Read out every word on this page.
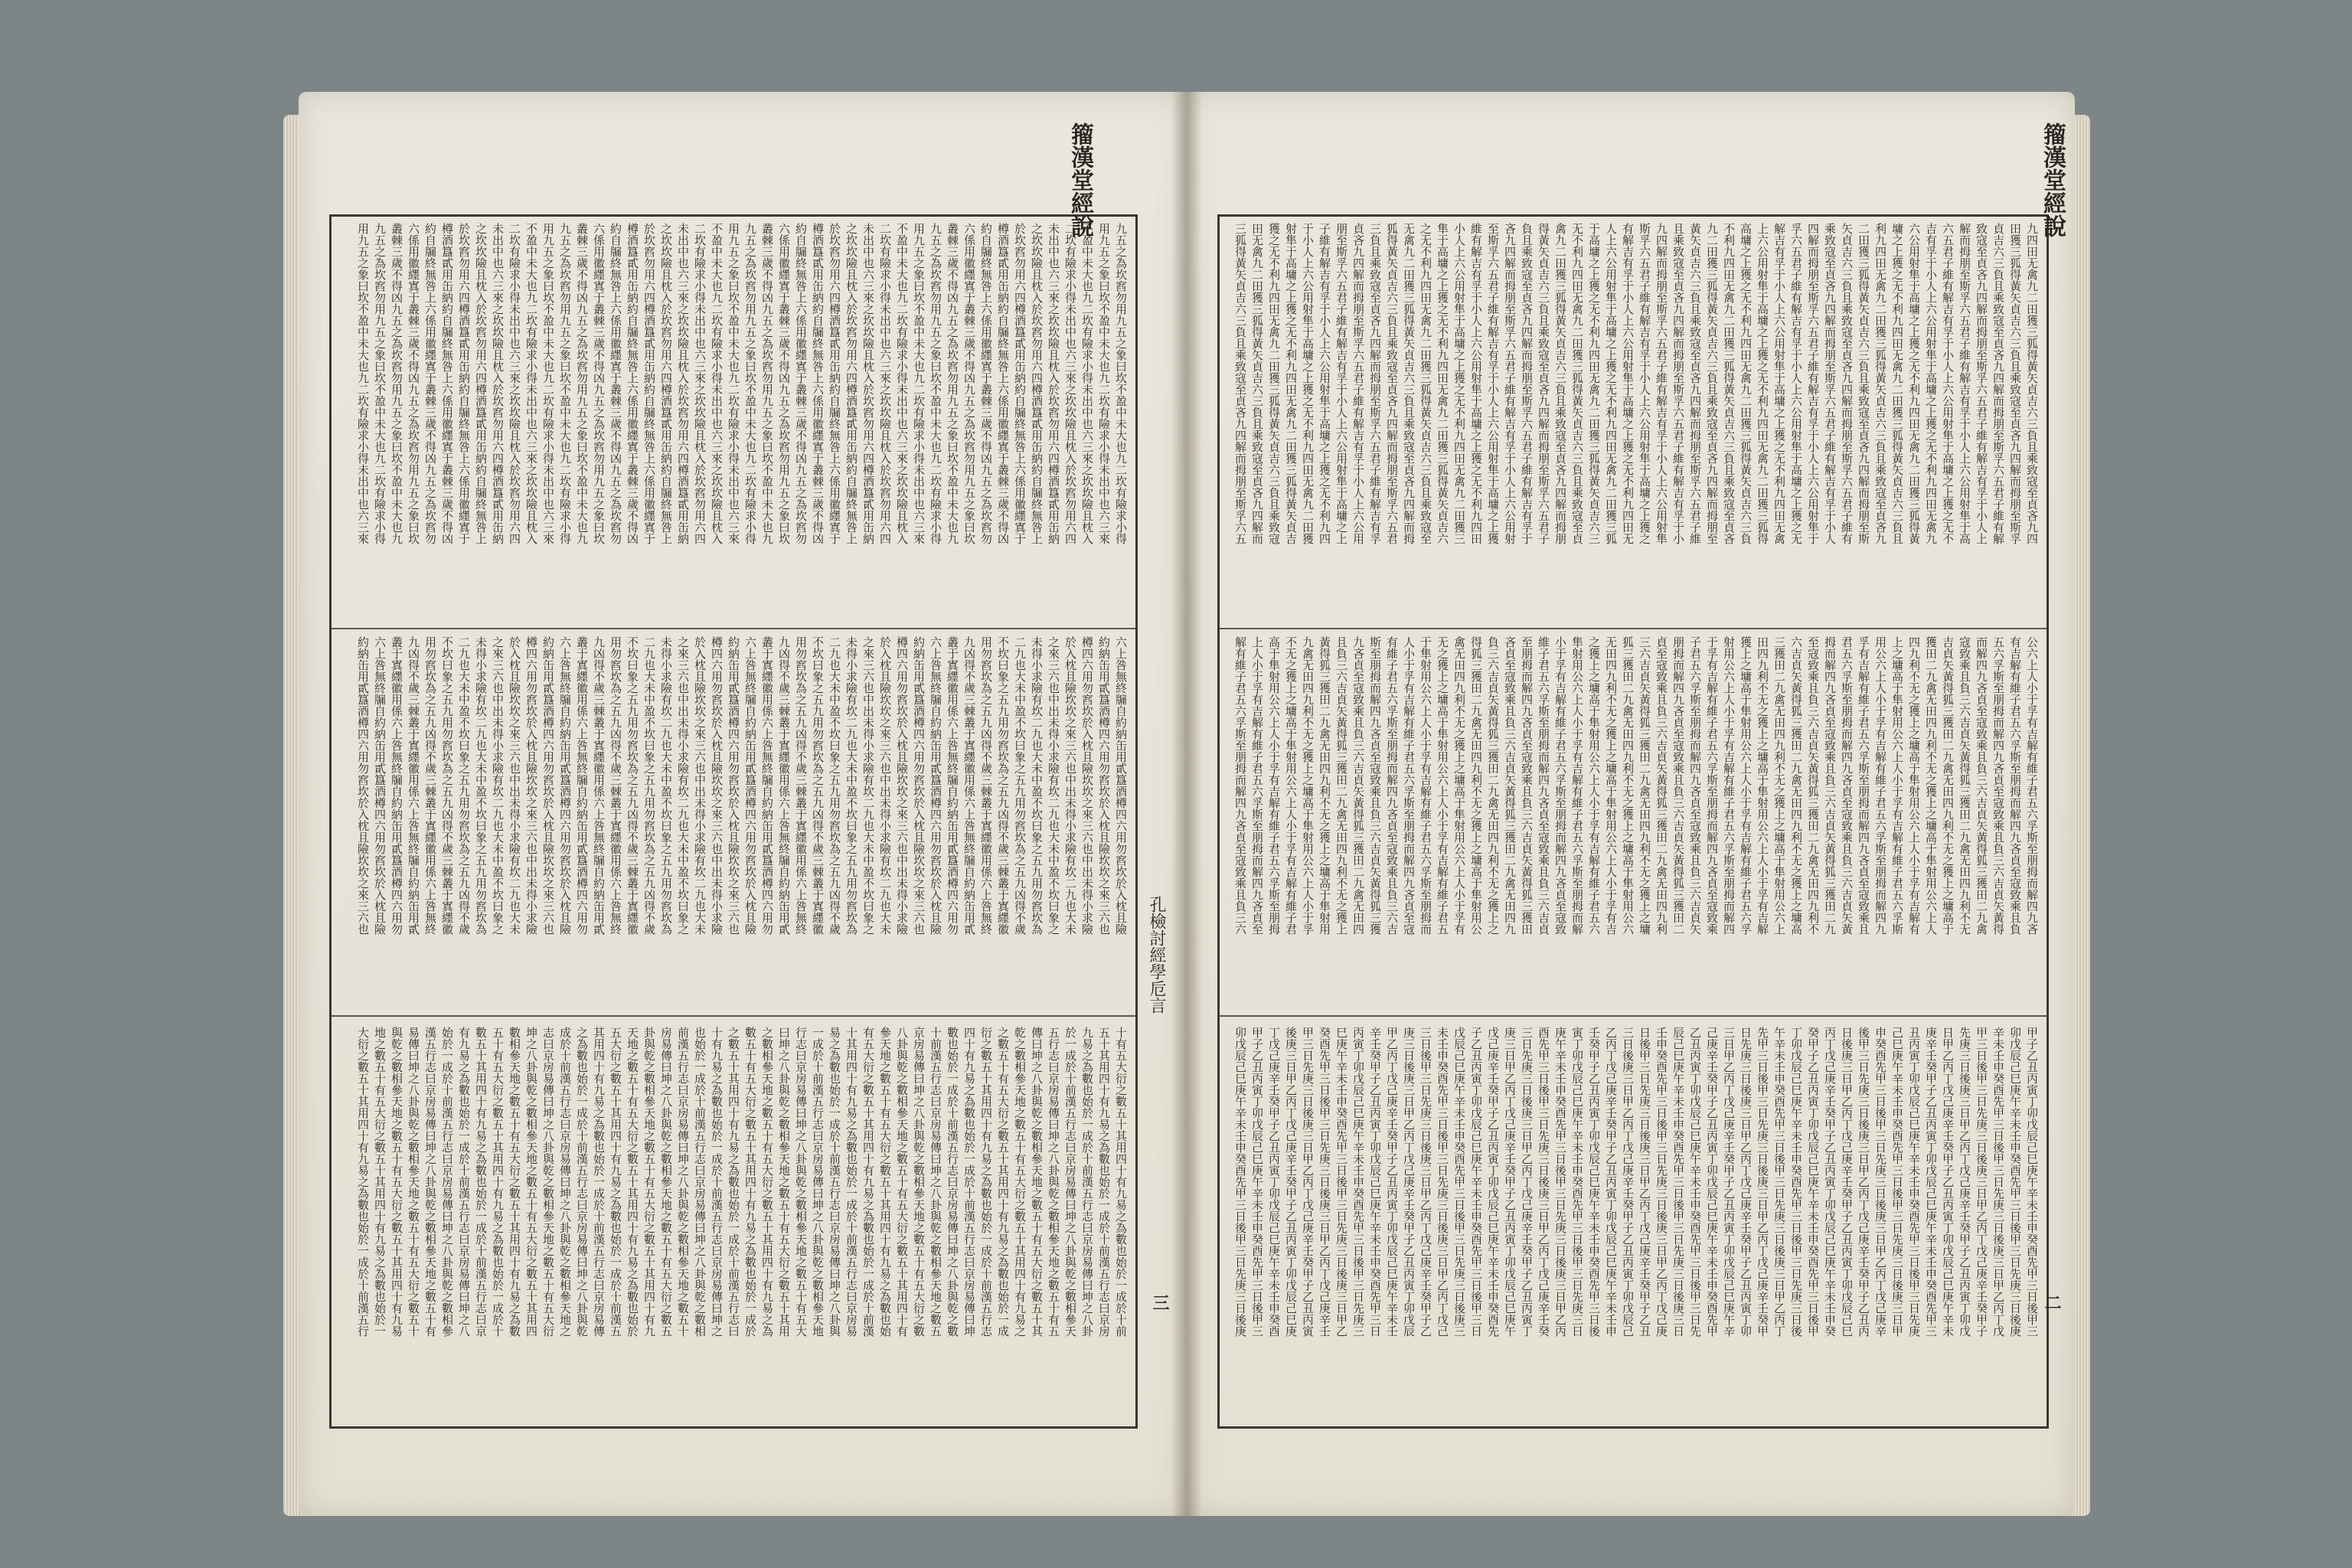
九五之為坎窞勿用九五之象曰坎不盈中未大也九二坎有險求小得
用九五之象曰坎不盈中未大也九二坎有險求小得未出中也六三來
不盈中未大也九二坎有險求小得未出中也六三來之坎坎險且枕入
二坎有險求小得未出中也六三來之坎坎險且枕入於坎窞勿用六四
未出中也六三來之坎坎險且枕入於坎窞勿用六四樽酒簋貳用缶納
之坎坎險且枕入於坎窞勿用六四樽酒簋貳用缶納約自牖終無咎上
於坎窞勿用六四樽酒簋貳用缶納約自牖終無咎上六係用徽纆寘于
樽酒簋貳用缶納約自牖終無咎上六係用徽纆寘于叢棘三歲不得凶
約自牖終無咎上六係用徽纆寘于叢棘三歲不得凶九五之為坎窞勿
六係用徽纆寘于叢棘三歲不得凶九五之為坎窞勿用九五之象曰坎
叢棘三歲不得凶九五之為坎窞勿用九五之象曰坎不盈中未大也九
九五之為坎窞勿用九五之象曰坎不盈中未大也九二坎有險求小得
用九五之象曰坎不盈中未大也九二坎有險求小得未出中也六三來
不盈中未大也九二坎有險求小得未出中也六三來之坎坎險且枕入
二坎有險求小得未出中也六三來之坎坎險且枕入於坎窞勿用六四
未出中也六三來之坎坎險且枕入於坎窞勿用六四樽酒簋貳用缶納
之坎坎險且枕入於坎窞勿用六四樽酒簋貳用缶納約自牖終無咎上
於坎窞勿用六四樽酒簋貳用缶納約自牖終無咎上六係用徽纆寘于
樽酒簋貳用缶納約自牖終無咎上六係用徽纆寘于叢棘三歲不得凶
約自牖終無咎上六係用徽纆寘于叢棘三歲不得凶九五之為坎窞勿
六係用徽纆寘于叢棘三歲不得凶九五之為坎窞勿用九五之象曰坎
叢棘三歲不得凶九五之為坎窞勿用九五之象曰坎不盈中未大也九
九五之為坎窞勿用九五之象曰坎不盈中未大也九二坎有險求小得
用九五之象曰坎不盈中未大也九二坎有險求小得未出中也六三來
不盈中未大也九二坎有險求小得未出中也六三來之坎坎險且枕入
二坎有險求小得未出中也六三來之坎坎險且枕入於坎窞勿用六四
未出中也六三來之坎坎險且枕入於坎窞勿用六四樽酒簋貳用缶納
之坎坎險且枕入於坎窞勿用六四樽酒簋貳用缶納約自牖終無咎上
於坎窞勿用六四樽酒簋貳用缶納約自牖終無咎上六係用徽纆寘于
樽酒簋貳用缶納約自牖終無咎上六係用徽纆寘于叢棘三歲不得凶
約自牖終無咎上六係用徽纆寘于叢棘三歲不得凶九五之為坎窞勿
六係用徽纆寘于叢棘三歲不得凶九五之為坎窞勿用九五之象曰坎
叢棘三歲不得凶九五之為坎窞勿用九五之象曰坎不盈中未大也九
九五之為坎窞勿用九五之象曰坎不盈中未大也九二坎有險求小得
用九五之象曰坎不盈中未大也九二坎有險求小得未出中也六三來
不盈中未大也九二坎有險求小得未出中也六三來之坎坎險且枕入
二坎有險求小得未出中也六三來之坎坎險且枕入於坎窞勿用六四
未出中也六三來之坎坎險且枕入於坎窞勿用六四樽酒簋貳用缶納
之坎坎險且枕入於坎窞勿用六四樽酒簋貳用缶納約自牖終無咎上
於坎窞勿用六四樽酒簋貳用缶納約自牖終無咎上六係用徽纆寘于
樽酒簋貳用缶納約自牖終無咎上六係用徽纆寘于叢棘三歲不得凶
約自牖終無咎上六係用徽纆寘于叢棘三歲不得凶九五之為坎窞勿
六係用徽纆寘于叢棘三歲不得凶九五之為坎窞勿用九五之象曰坎
叢棘三歲不得凶九五之為坎窞勿用九五之象曰坎不盈中未大也九
九五之為坎窞勿用九五之象曰坎不盈中未大也九二坎有險求小得
用九五之象曰坎不盈中未大也九二坎有險求小得未出中也六三來
六上咎無終牖自約納缶用貳簋酒樽四六用勿窞坎於入枕且險
約納缶用貳簋酒樽四六用勿窞坎於入枕且險坎坎之來三六也
樽四六用勿窞坎於入枕且險坎坎之來三六也中出未得小求險
於入枕且險坎坎之來三六也中出未得小求險有坎二九也大未
之來三六也中出未得小求險有坎二九也大未中盈不坎曰象之
未得小求險有坎二九也大未中盈不坎曰象之五九用勿窞坎為
二九也大未中盈不坎曰象之五九用勿窞坎為之五九凶得不歲
不坎曰象之五九用勿窞坎為之五九凶得不歲三棘叢于寘纆徽
用勿窞坎為之五九凶得不歲三棘叢于寘纆徽用係六上咎無終
九凶得不歲三棘叢于寘纆徽用係六上咎無終牖自約納缶用貳
叢于寘纆徽用係六上咎無終牖自約納缶用貳簋酒樽四六用勿
六上咎無終牖自約納缶用貳簋酒樽四六用勿窞坎於入枕且險
約納缶用貳簋酒樽四六用勿窞坎於入枕且險坎坎之來三六也
樽四六用勿窞坎於入枕且險坎坎之來三六也中出未得小求險
於入枕且險坎坎之來三六也中出未得小求險有坎二九也大未
之來三六也中出未得小求險有坎二九也大未中盈不坎曰象之
未得小求險有坎二九也大未中盈不坎曰象之五九用勿窞坎為
二九也大未中盈不坎曰象之五九用勿窞坎為之五九凶得不歲
不坎曰象之五九用勿窞坎為之五九凶得不歲三棘叢于寘纆徽
用勿窞坎為之五九凶得不歲三棘叢于寘纆徽用係六上咎無終
九凶得不歲三棘叢于寘纆徽用係六上咎無終牖自約納缶用貳
叢于寘纆徽用係六上咎無終牖自約納缶用貳簋酒樽四六用勿
六上咎無終牖自約納缶用貳簋酒樽四六用勿窞坎於入枕且險
約納缶用貳簋酒樽四六用勿窞坎於入枕且險坎坎之來三六也
樽四六用勿窞坎於入枕且險坎坎之來三六也中出未得小求險
於入枕且險坎坎之來三六也中出未得小求險有坎二九也大未
之來三六也中出未得小求險有坎二九也大未中盈不坎曰象之
未得小求險有坎二九也大未中盈不坎曰象之五九用勿窞坎為
二九也大未中盈不坎曰象之五九用勿窞坎為之五九凶得不歲
不坎曰象之五九用勿窞坎為之五九凶得不歲三棘叢于寘纆徽
用勿窞坎為之五九凶得不歲三棘叢于寘纆徽用係六上咎無終
九凶得不歲三棘叢于寘纆徽用係六上咎無終牖自約納缶用貳
叢于寘纆徽用係六上咎無終牖自約納缶用貳簋酒樽四六用勿
六上咎無終牖自約納缶用貳簋酒樽四六用勿窞坎於入枕且險
約納缶用貳簋酒樽四六用勿窞坎於入枕且險坎坎之來三六也
樽四六用勿窞坎於入枕且險坎坎之來三六也中出未得小求險
於入枕且險坎坎之來三六也中出未得小求險有坎二九也大未
之來三六也中出未得小求險有坎二九也大未中盈不坎曰象之
未得小求險有坎二九也大未中盈不坎曰象之五九用勿窞坎為
二九也大未中盈不坎曰象之五九用勿窞坎為之五九凶得不歲
不坎曰象之五九用勿窞坎為之五九凶得不歲三棘叢于寘纆徽
用勿窞坎為之五九凶得不歲三棘叢于寘纆徽用係六上咎無終
九凶得不歲三棘叢于寘纆徽用係六上咎無終牖自約納缶用貳
叢于寘纆徽用係六上咎無終牖自約納缶用貳簋酒樽四六用勿
六上咎無終牖自約納缶用貳簋酒樽四六用勿窞坎於入枕且險
約納缶用貳簋酒樽四六用勿窞坎於入枕且險坎坎之來三六也
十有五大衍之數五十其用四十有九易之為數也始於一成於十前
五十其用四十有九易之為數也始於一成於十前漢五行志曰京房
九易之為數也始於一成於十前漢五行志曰京房易傳曰坤之八卦
於一成於十前漢五行志曰京房易傳曰坤之八卦與乾之數相參天
五行志曰京房易傳曰坤之八卦與乾之數相參天地之數五十有五
傳曰坤之八卦與乾之數相參天地之數五十有五大衍之數五十其
乾之數相參天地之數五十有五大衍之數五十其用四十有九易之
之數五十有五大衍之數五十其用四十有九易之為數也始於一成
衍之數五十其用四十有九易之為數也始於一成於十前漢五行志
四十有九易之為數也始於一成於十前漢五行志曰京房易傳曰坤
數也始於一成於十前漢五行志曰京房易傳曰坤之八卦與乾之數
十前漢五行志曰京房易傳曰坤之八卦與乾之數相參天地之數五
京房易傳曰坤之八卦與乾之數相參天地之數五十有五大衍之數
八卦與乾之數相參天地之數五十有五大衍之數五十其用四十有
參天地之數五十有五大衍之數五十其用四十有九易之為數也始
有五大衍之數五十其用四十有九易之為數也始於一成於十前漢
十其用四十有九易之為數也始於一成於十前漢五行志曰京房易
易之為數也始於一成於十前漢五行志曰京房易傳曰坤之八卦與
一成於十前漢五行志曰京房易傳曰坤之八卦與乾之數相參天地
行志曰京房易傳曰坤之八卦與乾之數相參天地之數五十有五大
曰坤之八卦與乾之數相參天地之數五十有五大衍之數五十其用
之數相參天地之數五十有五大衍之數五十其用四十有九易之為
數五十有五大衍之數五十其用四十有九易之為數也始於一成於
之數五十其用四十有九易之為數也始於一成於十前漢五行志曰
十有九易之為數也始於一成於十前漢五行志曰京房易傳曰坤之
也始於一成於十前漢五行志曰京房易傳曰坤之八卦與乾之數相
前漢五行志曰京房易傳曰坤之八卦與乾之數相參天地之數五十
房易傳曰坤之八卦與乾之數相參天地之數五十有五大衍之數五
卦與乾之數相參天地之數五十有五大衍之數五十其用四十有九
天地之數五十有五大衍之數五十其用四十有九易之為數也始於
五大衍之數五十其用四十有九易之為數也始於一成於十前漢五
其用四十有九易之為數也始於一成於十前漢五行志曰京房易傳
之為數也始於一成於十前漢五行志曰京房易傳曰坤之八卦與乾
成於十前漢五行志曰京房易傳曰坤之八卦與乾之數相參天地之
志曰京房易傳曰坤之八卦與乾之數相參天地之數五十有五大衍
坤之八卦與乾之數相參天地之數五十有五大衍之數五十其用四
數相參天地之數五十有五大衍之數五十其用四十有九易之為數
五十有五大衍之數五十其用四十有九易之為數也始於一成於十
數五十其用四十有九易之為數也始於一成於十前漢五行志曰京
有九易之為數也始於一成於十前漢五行志曰京房易傳曰坤之八
始於一成於十前漢五行志曰京房易傳曰坤之八卦與乾之數相參
漢五行志曰京房易傳曰坤之八卦與乾之數相參天地之數五十有
易傳曰坤之八卦與乾之數相參天地之數五十有五大衍之數五十
與乾之數相參天地之數五十有五大衍之數五十其用四十有九易
地之數五十有五大衍之數五十其用四十有九易之為數也始於一
大衍之數五十其用四十有九易之為數也始於一成於十前漢五行
籀漢堂經說
孔檢討經學卮言
三
九四田无禽九二田獲三狐得黃矢貞吉六三負且乘致寇至貞吝九四
田獲三狐得黃矢貞吉六三負且乘致寇至貞吝九四解而拇朋至斯孚
貞吉六三負且乘致寇至貞吝九四解而拇朋至斯孚六五君子維有解
致寇至貞吝九四解而拇朋至斯孚六五君子維有解吉有孚于小人上
解而拇朋至斯孚六五君子維有解吉有孚于小人上六公用射隼于高
六五君子維有解吉有孚于小人上六公用射隼于高墉之上獲之无不
吉有孚于小人上六公用射隼于高墉之上獲之无不利九四田无禽九
六公用射隼于高墉之上獲之无不利九四田无禽九二田獲三狐得黃
墉之上獲之无不利九四田无禽九二田獲三狐得黃矢貞吉六三負且
利九四田无禽九二田獲三狐得黃矢貞吉六三負且乘致寇至貞吝九
二田獲三狐得黃矢貞吉六三負且乘致寇至貞吝九四解而拇朋至斯
矢貞吉六三負且乘致寇至貞吝九四解而拇朋至斯孚六五君子維有
乘致寇至貞吝九四解而拇朋至斯孚六五君子維有解吉有孚于小人
四解而拇朋至斯孚六五君子維有解吉有孚于小人上六公用射隼于
孚六五君子維有解吉有孚于小人上六公用射隼于高墉之上獲之无
解吉有孚于小人上六公用射隼于高墉之上獲之无不利九四田无禽
上六公用射隼于高墉之上獲之无不利九四田无禽九二田獲三狐得
高墉之上獲之无不利九四田无禽九二田獲三狐得黃矢貞吉六三負
不利九四田无禽九二田獲三狐得黃矢貞吉六三負且乘致寇至貞吝
九二田獲三狐得黃矢貞吉六三負且乘致寇至貞吝九四解而拇朋至
黃矢貞吉六三負且乘致寇至貞吝九四解而拇朋至斯孚六五君子維
且乘致寇至貞吝九四解而拇朋至斯孚六五君子維有解吉有孚于小
九四解而拇朋至斯孚六五君子維有解吉有孚于小人上六公用射隼
斯孚六五君子維有解吉有孚于小人上六公用射隼于高墉之上獲之
有解吉有孚于小人上六公用射隼于高墉之上獲之无不利九四田无
人上六公用射隼于高墉之上獲之无不利九四田无禽九二田獲三狐
于高墉之上獲之无不利九四田无禽九二田獲三狐得黃矢貞吉六三
无不利九四田无禽九二田獲三狐得黃矢貞吉六三負且乘致寇至貞
禽九二田獲三狐得黃矢貞吉六三負且乘致寇至貞吝九四解而拇朋
得黃矢貞吉六三負且乘致寇至貞吝九四解而拇朋至斯孚六五君子
負且乘致寇至貞吝九四解而拇朋至斯孚六五君子維有解吉有孚于
吝九四解而拇朋至斯孚六五君子維有解吉有孚于小人上六公用射
至斯孚六五君子維有解吉有孚于小人上六公用射隼于高墉之上獲
維有解吉有孚于小人上六公用射隼于高墉之上獲之无不利九四田
小人上六公用射隼于高墉之上獲之无不利九四田无禽九二田獲三
隼于高墉之上獲之无不利九四田无禽九二田獲三狐得黃矢貞吉六
之无不利九四田无禽九二田獲三狐得黃矢貞吉六三負且乘致寇至
无禽九二田獲三狐得黃矢貞吉六三負且乘致寇至貞吝九四解而拇
狐得黃矢貞吉六三負且乘致寇至貞吝九四解而拇朋至斯孚六五君
三負且乘致寇至貞吝九四解而拇朋至斯孚六五君子維有解吉有孚
貞吝九四解而拇朋至斯孚六五君子維有解吉有孚于小人上六公用
朋至斯孚六五君子維有解吉有孚于小人上六公用射隼于高墉之上
子維有解吉有孚于小人上六公用射隼于高墉之上獲之无不利九四
于小人上六公用射隼于高墉之上獲之无不利九四田无禽九二田獲
射隼于高墉之上獲之无不利九四田无禽九二田獲三狐得黃矢貞吉
獲之无不利九四田无禽九二田獲三狐得黃矢貞吉六三負且乘致寇
田无禽九二田獲三狐得黃矢貞吉六三負且乘致寇至貞吝九四解而
三狐得黃矢貞吉六三負且乘致寇至貞吝九四解而拇朋至斯孚六五
公六上人小于孚有吉解有維子君五六孚斯至朋拇而解四九吝
有吉解有維子君五六孚斯至朋拇而解四九吝貞至寇致乘且負
五六孚斯至朋拇而解四九吝貞至寇致乘且負三六吉貞矢黃得
而解四九吝貞至寇致乘且負三六吉貞矢黃得狐三獲田二九禽
寇致乘且負三六吉貞矢黃得狐三獲田二九禽无田四九利不无
吉貞矢黃得狐三獲田二九禽无田四九利不无之獲上之墉高于
獲田二九禽无田四九利不无之獲上之墉高于隼射用公六上人
四九利不无之獲上之墉高于隼射用公六上人小于孚有吉解有
上之墉高于隼射用公六上人小于孚有吉解有維子君五六孚斯
用公六上人小于孚有吉解有維子君五六孚斯至朋拇而解四九
孚有吉解有維子君五六孚斯至朋拇而解四九吝貞至寇致乘且
君五六孚斯至朋拇而解四九吝貞至寇致乘且負三六吉貞矢黃
拇而解四九吝貞至寇致乘且負三六吉貞矢黃得狐三獲田二九
至寇致乘且負三六吉貞矢黃得狐三獲田二九禽无田四九利不
六吉貞矢黃得狐三獲田二九禽无田四九利不无之獲上之墉高
三獲田二九禽无田四九利不无之獲上之墉高于隼射用公六上
田四九利不无之獲上之墉高于隼射用公六上人小于孚有吉解
獲上之墉高于隼射用公六上人小于孚有吉解有維子君五六孚
射用公六上人小于孚有吉解有維子君五六孚斯至朋拇而解四
于孚有吉解有維子君五六孚斯至朋拇而解四九吝貞至寇致乘
子君五六孚斯至朋拇而解四九吝貞至寇致乘且負三六吉貞矢
朋拇而解四九吝貞至寇致乘且負三六吉貞矢黃得狐三獲田二
貞至寇致乘且負三六吉貞矢黃得狐三獲田二九禽无田四九利
三六吉貞矢黃得狐三獲田二九禽无田四九利不无之獲上之墉
狐三獲田二九禽无田四九利不无之獲上之墉高于隼射用公六
无田四九利不无之獲上之墉高于隼射用公六上人小于孚有吉
之獲上之墉高于隼射用公六上人小于孚有吉解有維子君五六
隼射用公六上人小于孚有吉解有維子君五六孚斯至朋拇而解
小于孚有吉解有維子君五六孚斯至朋拇而解四九吝貞至寇致
維子君五六孚斯至朋拇而解四九吝貞至寇致乘且負三六吉貞
至朋拇而解四九吝貞至寇致乘且負三六吉貞矢黃得狐三獲田
吝貞至寇致乘且負三六吉貞矢黃得狐三獲田二九禽无田四九
負三六吉貞矢黃得狐三獲田二九禽无田四九利不无之獲上之
得狐三獲田二九禽无田四九利不无之獲上之墉高于隼射用公
禽无田四九利不无之獲上之墉高于隼射用公六上人小于孚有
无之獲上之墉高于隼射用公六上人小于孚有吉解有維子君五
于隼射用公六上人小于孚有吉解有維子君五六孚斯至朋拇而
人小于孚有吉解有維子君五六孚斯至朋拇而解四九吝貞至寇
有維子君五六孚斯至朋拇而解四九吝貞至寇致乘且負三六吉
斯至朋拇而解四九吝貞至寇致乘且負三六吉貞矢黃得狐三獲
九吝貞至寇致乘且負三六吉貞矢黃得狐三獲田二九禽无田四
且負三六吉貞矢黃得狐三獲田二九禽无田四九利不无之獲上
黃得狐三獲田二九禽无田四九利不无之獲上之墉高于隼射用
九禽无田四九利不无之獲上之墉高于隼射用公六上人小于孚
不无之獲上之墉高于隼射用公六上人小于孚有吉解有維子君
高于隼射用公六上人小于孚有吉解有維子君五六孚斯至朋拇
上人小于孚有吉解有維子君五六孚斯至朋拇而解四九吝貞至
解有維子君五六孚斯至朋拇而解四九吝貞至寇致乘且負三六
甲子乙丑丙寅丁卯戊辰己巳庚午辛未壬申癸酉先甲三日後甲三
卯戊辰己巳庚午辛未壬申癸酉先甲三日後甲三日先庚三日後庚
辛未壬申癸酉先甲三日後甲三日先庚三日後庚三日甲乙丙丁戊
甲三日後甲三日先庚三日後庚三日甲乙丙丁戊己庚辛壬癸甲子
先庚三日後庚三日甲乙丙丁戊己庚辛壬癸甲子乙丑丙寅丁卯戊
日甲乙丙丁戊己庚辛壬癸甲子乙丑丙寅丁卯戊辰己巳庚午辛未
庚辛壬癸甲子乙丑丙寅丁卯戊辰己巳庚午辛未壬申癸酉先甲三
丑丙寅丁卯戊辰己巳庚午辛未壬申癸酉先甲三日後甲三日先庚
己巳庚午辛未壬申癸酉先甲三日後甲三日先庚三日後庚三日甲
申癸酉先甲三日後甲三日先庚三日後庚三日甲乙丙丁戊己庚辛
後甲三日先庚三日後庚三日甲乙丙丁戊己庚辛壬癸甲子乙丑丙
日後庚三日甲乙丙丁戊己庚辛壬癸甲子乙丑丙寅丁卯戊辰己巳
丙丁戊己庚辛壬癸甲子乙丑丙寅丁卯戊辰己巳庚午辛未壬申癸
癸甲子乙丑丙寅丁卯戊辰己巳庚午辛未壬申癸酉先甲三日後甲
丁卯戊辰己巳庚午辛未壬申癸酉先甲三日後甲三日先庚三日後
午辛未壬申癸酉先甲三日後甲三日先庚三日後庚三日甲乙丙丁
先甲三日後甲三日先庚三日後庚三日甲乙丙丁戊己庚辛壬癸甲
日先庚三日後庚三日甲乙丙丁戊己庚辛壬癸甲子乙丑丙寅丁卯
三日甲乙丙丁戊己庚辛壬癸甲子乙丑丙寅丁卯戊辰己巳庚午辛
己庚辛壬癸甲子乙丑丙寅丁卯戊辰己巳庚午辛未壬申癸酉先甲
乙丑丙寅丁卯戊辰己巳庚午辛未壬申癸酉先甲三日後甲三日先
辰己巳庚午辛未壬申癸酉先甲三日後甲三日先庚三日後庚三日
壬申癸酉先甲三日後甲三日先庚三日後庚三日甲乙丙丁戊己庚
日後甲三日先庚三日後庚三日甲乙丙丁戊己庚辛壬癸甲子乙丑
三日後庚三日甲乙丙丁戊己庚辛壬癸甲子乙丑丙寅丁卯戊辰己
乙丙丁戊己庚辛壬癸甲子乙丑丙寅丁卯戊辰己巳庚午辛未壬申
壬癸甲子乙丑丙寅丁卯戊辰己巳庚午辛未壬申癸酉先甲三日後
寅丁卯戊辰己巳庚午辛未壬申癸酉先甲三日後甲三日先庚三日
庚午辛未壬申癸酉先甲三日後甲三日先庚三日後庚三日甲乙丙
酉先甲三日後甲三日先庚三日後庚三日甲乙丙丁戊己庚辛壬癸
三日先庚三日後庚三日甲乙丙丁戊己庚辛壬癸甲子乙丑丙寅丁
庚三日甲乙丙丁戊己庚辛壬癸甲子乙丑丙寅丁卯戊辰己巳庚午
戊己庚辛壬癸甲子乙丑丙寅丁卯戊辰己巳庚午辛未壬申癸酉先
子乙丑丙寅丁卯戊辰己巳庚午辛未壬申癸酉先甲三日後甲三日
戊辰己巳庚午辛未壬申癸酉先甲三日後甲三日先庚三日後庚三
未壬申癸酉先甲三日後甲三日先庚三日後庚三日甲乙丙丁戊己
三日後甲三日先庚三日後庚三日甲乙丙丁戊己庚辛壬癸甲子乙
庚三日後庚三日甲乙丙丁戊己庚辛壬癸甲子乙丑丙寅丁卯戊辰
甲乙丙丁戊己庚辛壬癸甲子乙丑丙寅丁卯戊辰己巳庚午辛未壬
辛壬癸甲子乙丑丙寅丁卯戊辰己巳庚午辛未壬申癸酉先甲三日
丙寅丁卯戊辰己巳庚午辛未壬申癸酉先甲三日後甲三日先庚三
巳庚午辛未壬申癸酉先甲三日後甲三日先庚三日後庚三日甲乙
癸酉先甲三日後甲三日先庚三日後庚三日甲乙丙丁戊己庚辛壬
甲三日先庚三日後庚三日甲乙丙丁戊己庚辛壬癸甲子乙丑丙寅
後庚三日甲乙丙丁戊己庚辛壬癸甲子乙丑丙寅丁卯戊辰己巳庚
丁戊己庚辛壬癸甲子乙丑丙寅丁卯戊辰己巳庚午辛未壬申癸酉
甲子乙丑丙寅丁卯戊辰己巳庚午辛未壬申癸酉先甲三日後甲三
卯戊辰己巳庚午辛未壬申癸酉先甲三日後甲三日先庚三日後庚
籀漢堂經說
二
